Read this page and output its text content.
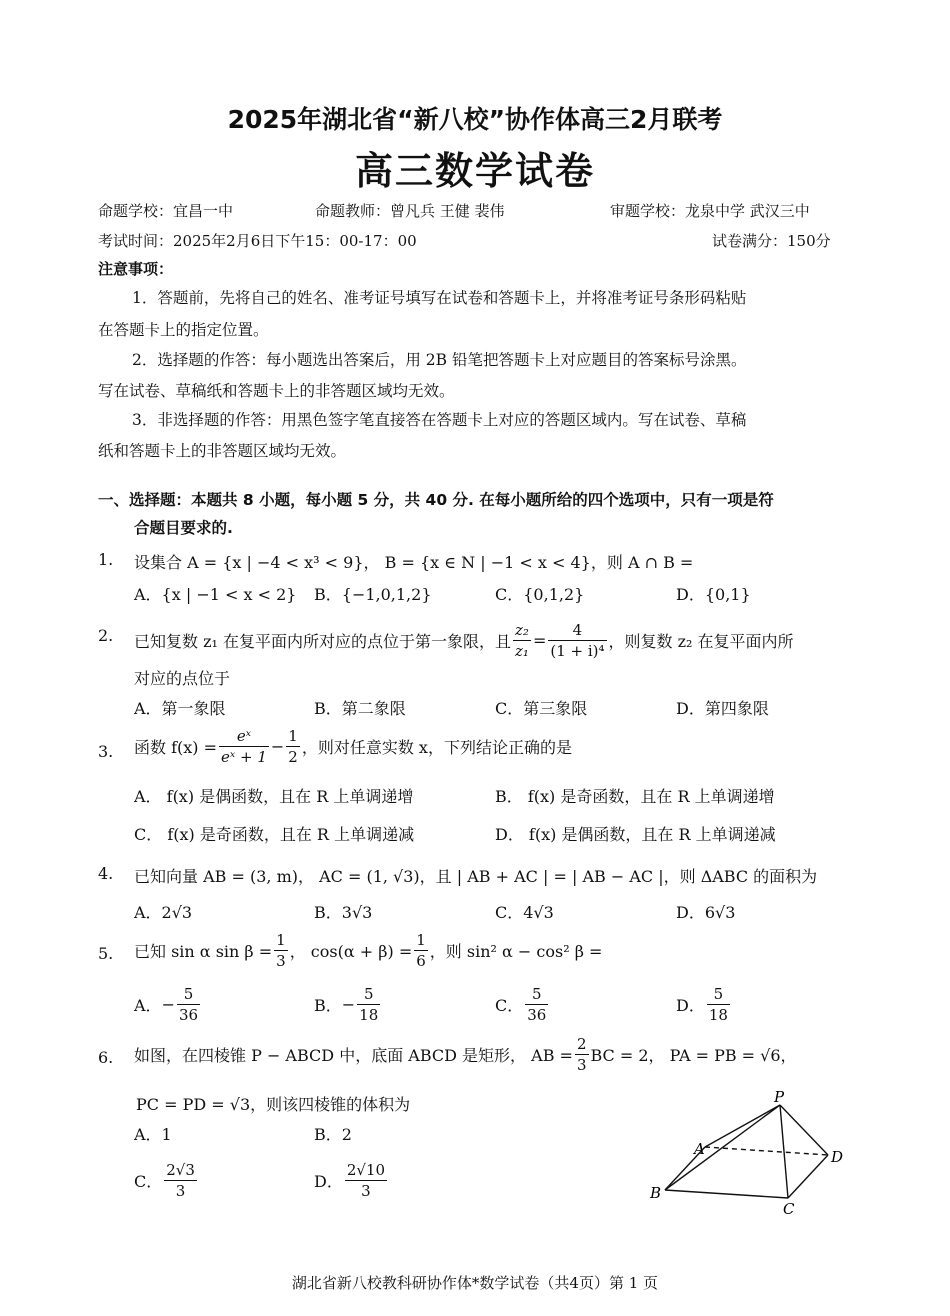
2025年湖北省“新八校”协作体高三2月联考
高三数学试卷
命题学校：宜昌一中	命题教师：曾凡兵 王健 裴伟	审题学校：龙泉中学 武汉三中
考试时间：2025年2月6日下午15：00-17：00	试卷满分：150分
注意事项：
1．答题前，先将自己的姓名、准考证号填写在试卷和答题卡上，并将准考证号条形码粘贴
在答题卡上的指定位置。
2．选择题的作答：每小题选出答案后，用 2B 铅笔把答题卡上对应题目的答案标号涂黑。
写在试卷、草稿纸和答题卡上的非答题区域均无效。
3．非选择题的作答：用黑色签字笔直接答在答题卡上对应的答题区域内。写在试卷、草稿
纸和答题卡上的非答题区域均无效。
一、选择题：本题共 8 小题，每小题 5 分，共 40 分. 在每小题所给的四个选项中，只有一项是符
合题目要求的.
1. 设集合 A = {x | −4 < x³ < 9}， B = {x ∈ N | −1 < x < 4}，则 A ∩ B =
A．{x | −1 < x < 2} B．{−1,0,1,2}	C．{0,1,2}	D．{0,1}
2. 已知复数 z₁ 在复平面内所对应的点位于第一象限，且 $\frac{\text{z₂}}{\text{z₁}} = \frac{4}{\text{(1 + i)⁴}}$ ，则复数 z₂ 在复平面内所
对应的点位于
A．第一象限	B．第二象限	C．第三象限	D．第四象限
3. 函数 $f(x) = \frac{\text{eˣ}}{\text{eˣ + 1}} - \frac{1}{2}$ ，则对任意实数 x，下列结论正确的是
A． f(x) 是偶函数，且在 R 上单调递增	B． f(x) 是奇函数，且在 R 上单调递增
C． f(x) 是奇函数，且在 R 上单调递减	D． f(x) 是偶函数，且在 R 上单调递减
4. 已知向量 AB = (3, m)， AC = (1, √3)，且 | AB + AC | = | AB − AC |，则 ΔABC 的面积为
A．2√3	B．3√3	C．4√3	D．6√3
5. 已知 sin α $\sin \beta = \frac{1}{3}$ ， $\cos(\alpha + \beta) = \frac{1}{6}$ ，则 sin² α − cos² β =
A． − $\frac{5}{36}$	B． − $\frac{5}{18}$	C． $\frac{5}{36}$	D． $\frac{5}{18}$
6. 如图，在四棱锥 P − ABCD 中，底面 ABCD 是矩形， AB = $\frac{2}{3}$ BC = 2， PA = PB = √6，
PC = PD = √3，则该四棱锥的体积为
A．1	B．2
C． $\frac{2√3}{3}$	D． $\frac{2√10}{3}$
P
A
B
C
D
湖北省新八校教科研协作体*数学试卷（共4页）第 1 页
